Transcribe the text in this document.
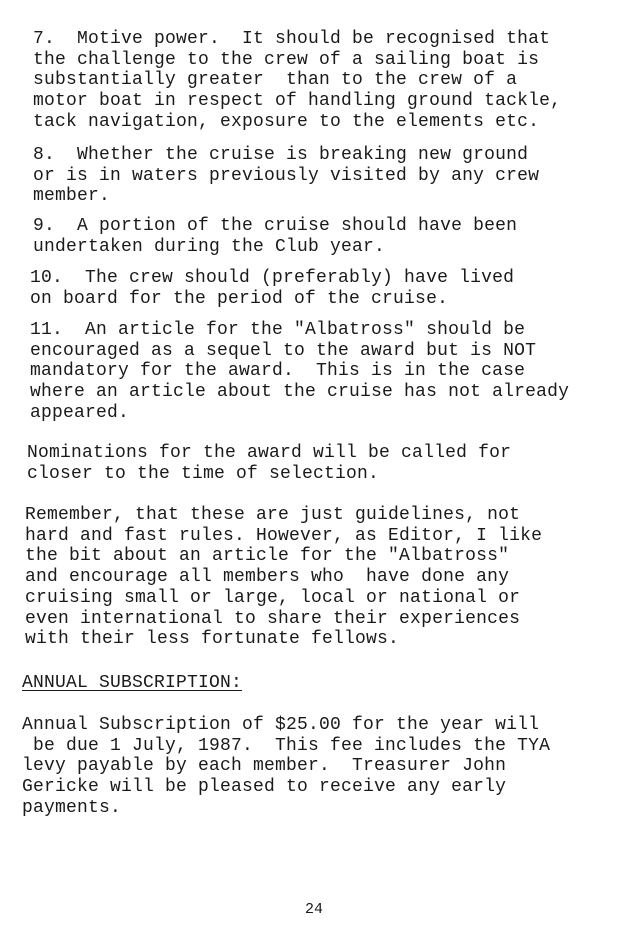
7.  Motive power.  It should be recognised that
the challenge to the crew of a sailing boat is
substantially greater  than to the crew of a
motor boat in respect of handling ground tackle,
tack navigation, exposure to the elements etc.

8.  Whether the cruise is breaking new ground
or is in waters previously visited by any crew
member.

9.  A portion of the cruise should have been
undertaken during the Club year.

10.  The crew should (preferably) have lived
on board for the period of the cruise.

11.  An article for the "Albatross" should be
encouraged as a sequel to the award but is NOT
mandatory for the award.  This is in the case
where an article about the cruise has not already
appeared.

Nominations for the award will be called for
closer to the time of selection.

Remember, that these are just guidelines, not
hard and fast rules. However, as Editor, I like
the bit about an article for the "Albatross"
and encourage all members who  have done any
cruising small or large, local or national or
even international to share their experiences
with their less fortunate fellows.

ANNUAL SUBSCRIPTION:

Annual Subscription of $25.00 for the year will
be due 1 July, 1987.  This fee includes the TYA
levy payable by each member.  Treasurer John
Gericke will be pleased to receive any early
payments.

24
